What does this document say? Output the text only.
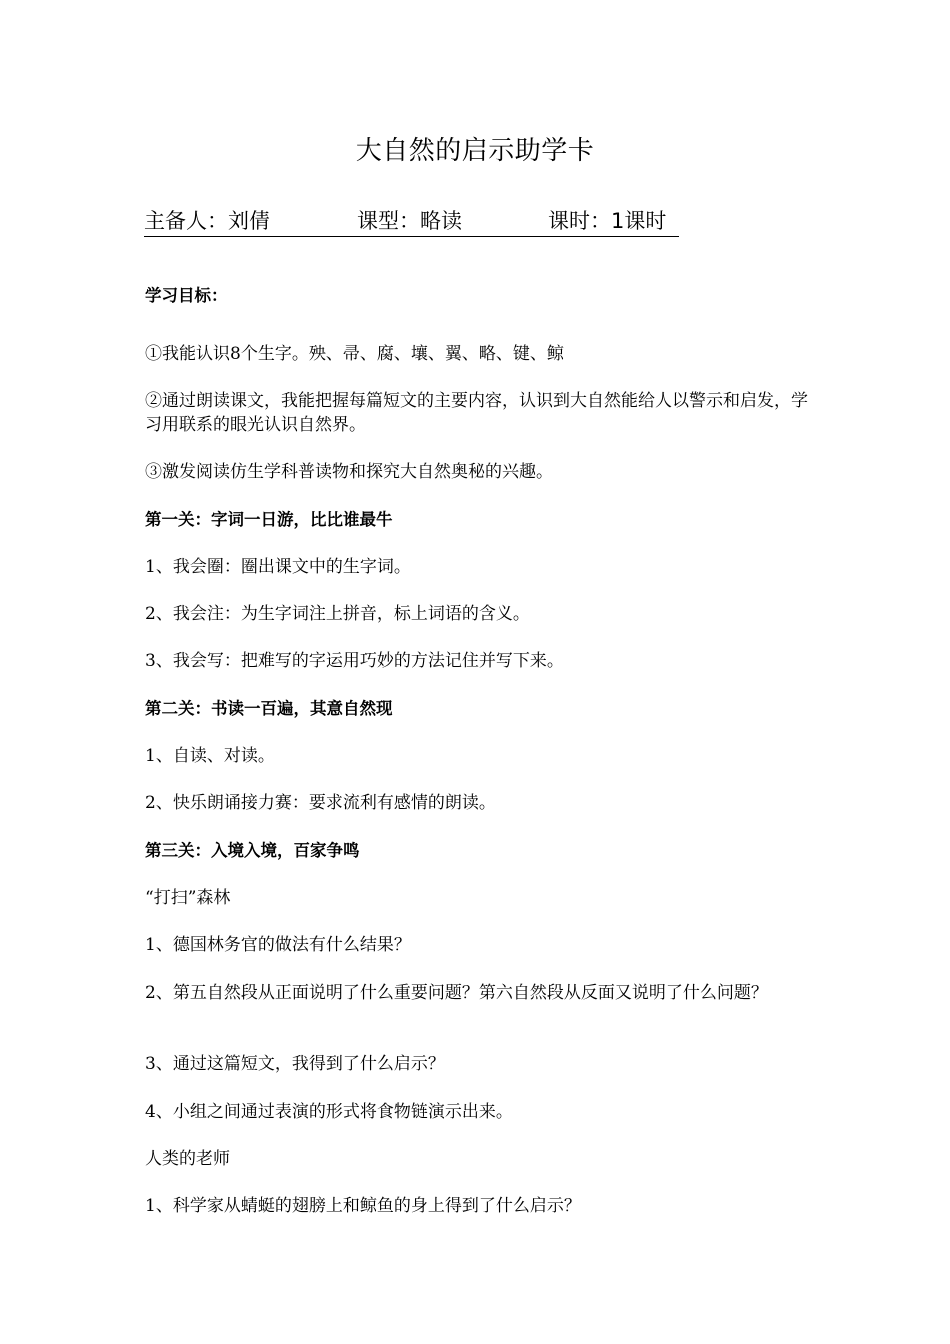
大自然的启示助学卡
主备人：刘倩	课型：略读	课时：1课时
学习目标：
①我能认识8个生字。殃、帚、腐、壤、翼、略、键、鲸
②通过朗读课文，我能把握每篇短文的主要内容，认识到大自然能给人以警示和启发，学习用联系的眼光认识自然界。
③激发阅读仿生学科普读物和探究大自然奥秘的兴趣。
第一关：字词一日游，比比谁最牛
1、我会圈：圈出课文中的生字词。
2、我会注：为生字词注上拼音，标上词语的含义。
3、我会写：把难写的字运用巧妙的方法记住并写下来。
第二关：书读一百遍，其意自然现
1、自读、对读。
2、快乐朗诵接力赛：要求流利有感情的朗读。
第三关：入境入境，百家争鸣
“打扫”森林
1、德国林务官的做法有什么结果？
2、第五自然段从正面说明了什么重要问题？第六自然段从反面又说明了什么问题？
3、通过这篇短文，我得到了什么启示？
4、小组之间通过表演的形式将食物链演示出来。
人类的老师
1、科学家从蜻蜓的翅膀上和鲸鱼的身上得到了什么启示？
